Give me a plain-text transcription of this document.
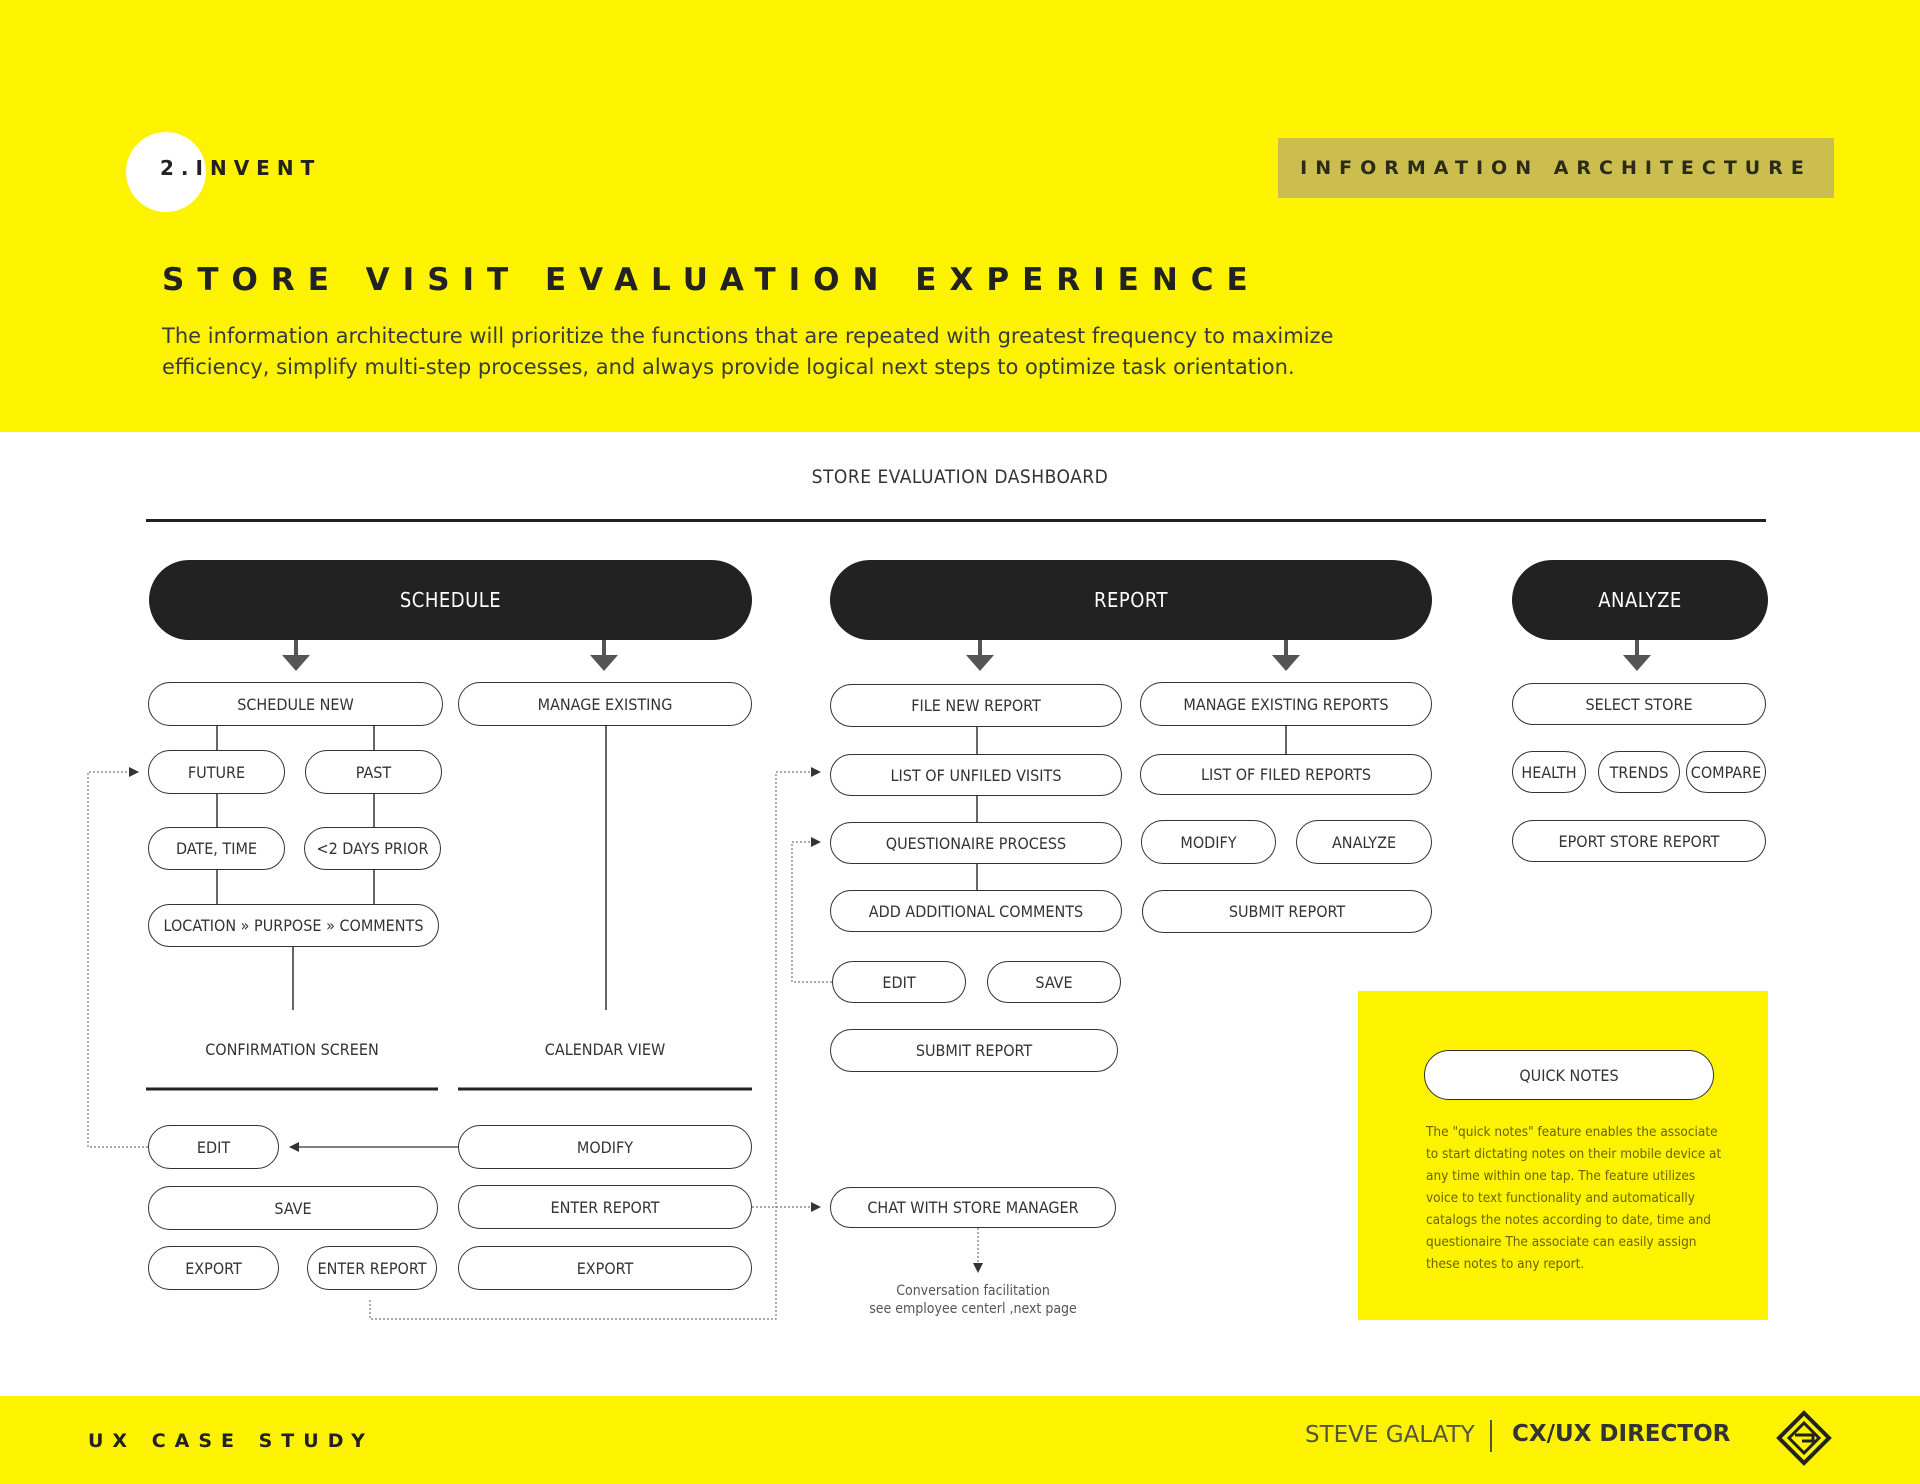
2.INVENT	INFORMATION ARCHITECTURE
STORE VISIT EVALUATION EXPERIENCE
The information architecture will prioritize the functions that are repeated with greatest frequency to maximize
efficiency, simplify multi-step processes, and always provide logical next steps to optimize task orientation.
STORE EVALUATION DASHBOARD
SCHEDULE	REPORT	ANALYZE
SCHEDULE NEW	MANAGE EXISTING
FUTURE	PAST
DATE, TIME	<2 DAYS PRIOR
LOCATION » PURPOSE » COMMENTS
CONFIRMATION SCREEN	CALENDAR VIEW
EDIT
SAVE
EXPORT	ENTER REPORT
MODIFY
ENTER REPORT
EXPORT
FILE NEW REPORT	MANAGE EXISTING REPORTS
LIST OF UNFILED VISITS	LIST OF FILED REPORTS
QUESTIONAIRE PROCESS	MODIFY	ANALYZE
ADD ADDITIONAL COMMENTS	SUBMIT REPORT
EDIT	SAVE
SUBMIT REPORT
CHAT WITH STORE MANAGER
Conversation facilitation
see employee centerl ,next page
SELECT STORE
HEALTH	TRENDS	COMPARE
EPORT STORE REPORT
QUICK NOTES
The "quick notes" feature enables the associate to start dictating notes on their mobile device at any time within one tap. The feature utilizes voice to text functionality and automatically catalogs the notes according to date, time and questionaire The associate can easily assign these notes to any report.
UX CASE STUDY	STEVE GALATY CX/UX DIRECTOR
